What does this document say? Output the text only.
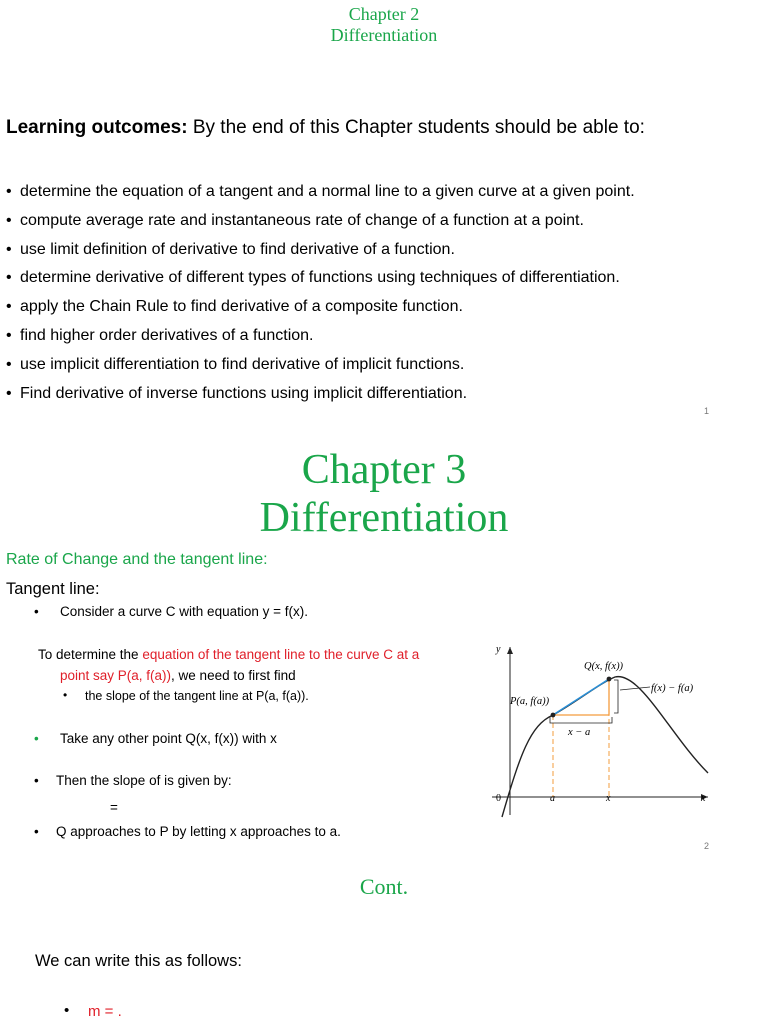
Chapter 2
Differentiation
Learning outcomes: By the end of this Chapter students should be able to:
• determine the equation of a tangent and a normal line to a given curve at a given point.
• compute average rate and instantaneous rate of change of a function at a point.
• use limit definition of derivative to find derivative of a function.
• determine derivative of different types of functions using techniques of differentiation.
• apply the Chain Rule to find derivative of a composite function.
• find higher order derivatives of a function.
• use implicit differentiation to find derivative of implicit functions.
• Find derivative of inverse functions using implicit differentiation.
1
Chapter 3
Differentiation
Rate of Change and the tangent line:
Tangent line:
• Consider a curve C with equation y = f(x).
To determine the equation of the tangent line to the curve C at a
point say P(a, f(a)), we need to first find
• the slope of the tangent line at P(a, f(a)).
• Take any other point Q(x, f(x)) with x
• Then the slope of is given by:
=
• Q approaches to P by letting x approaches to a.
y
x
0
Q(x, f(x))
P(a, f(a))
f(x) − f(a)
x − a
a	x
2
Cont.
We can write this as follows:
• m = .
